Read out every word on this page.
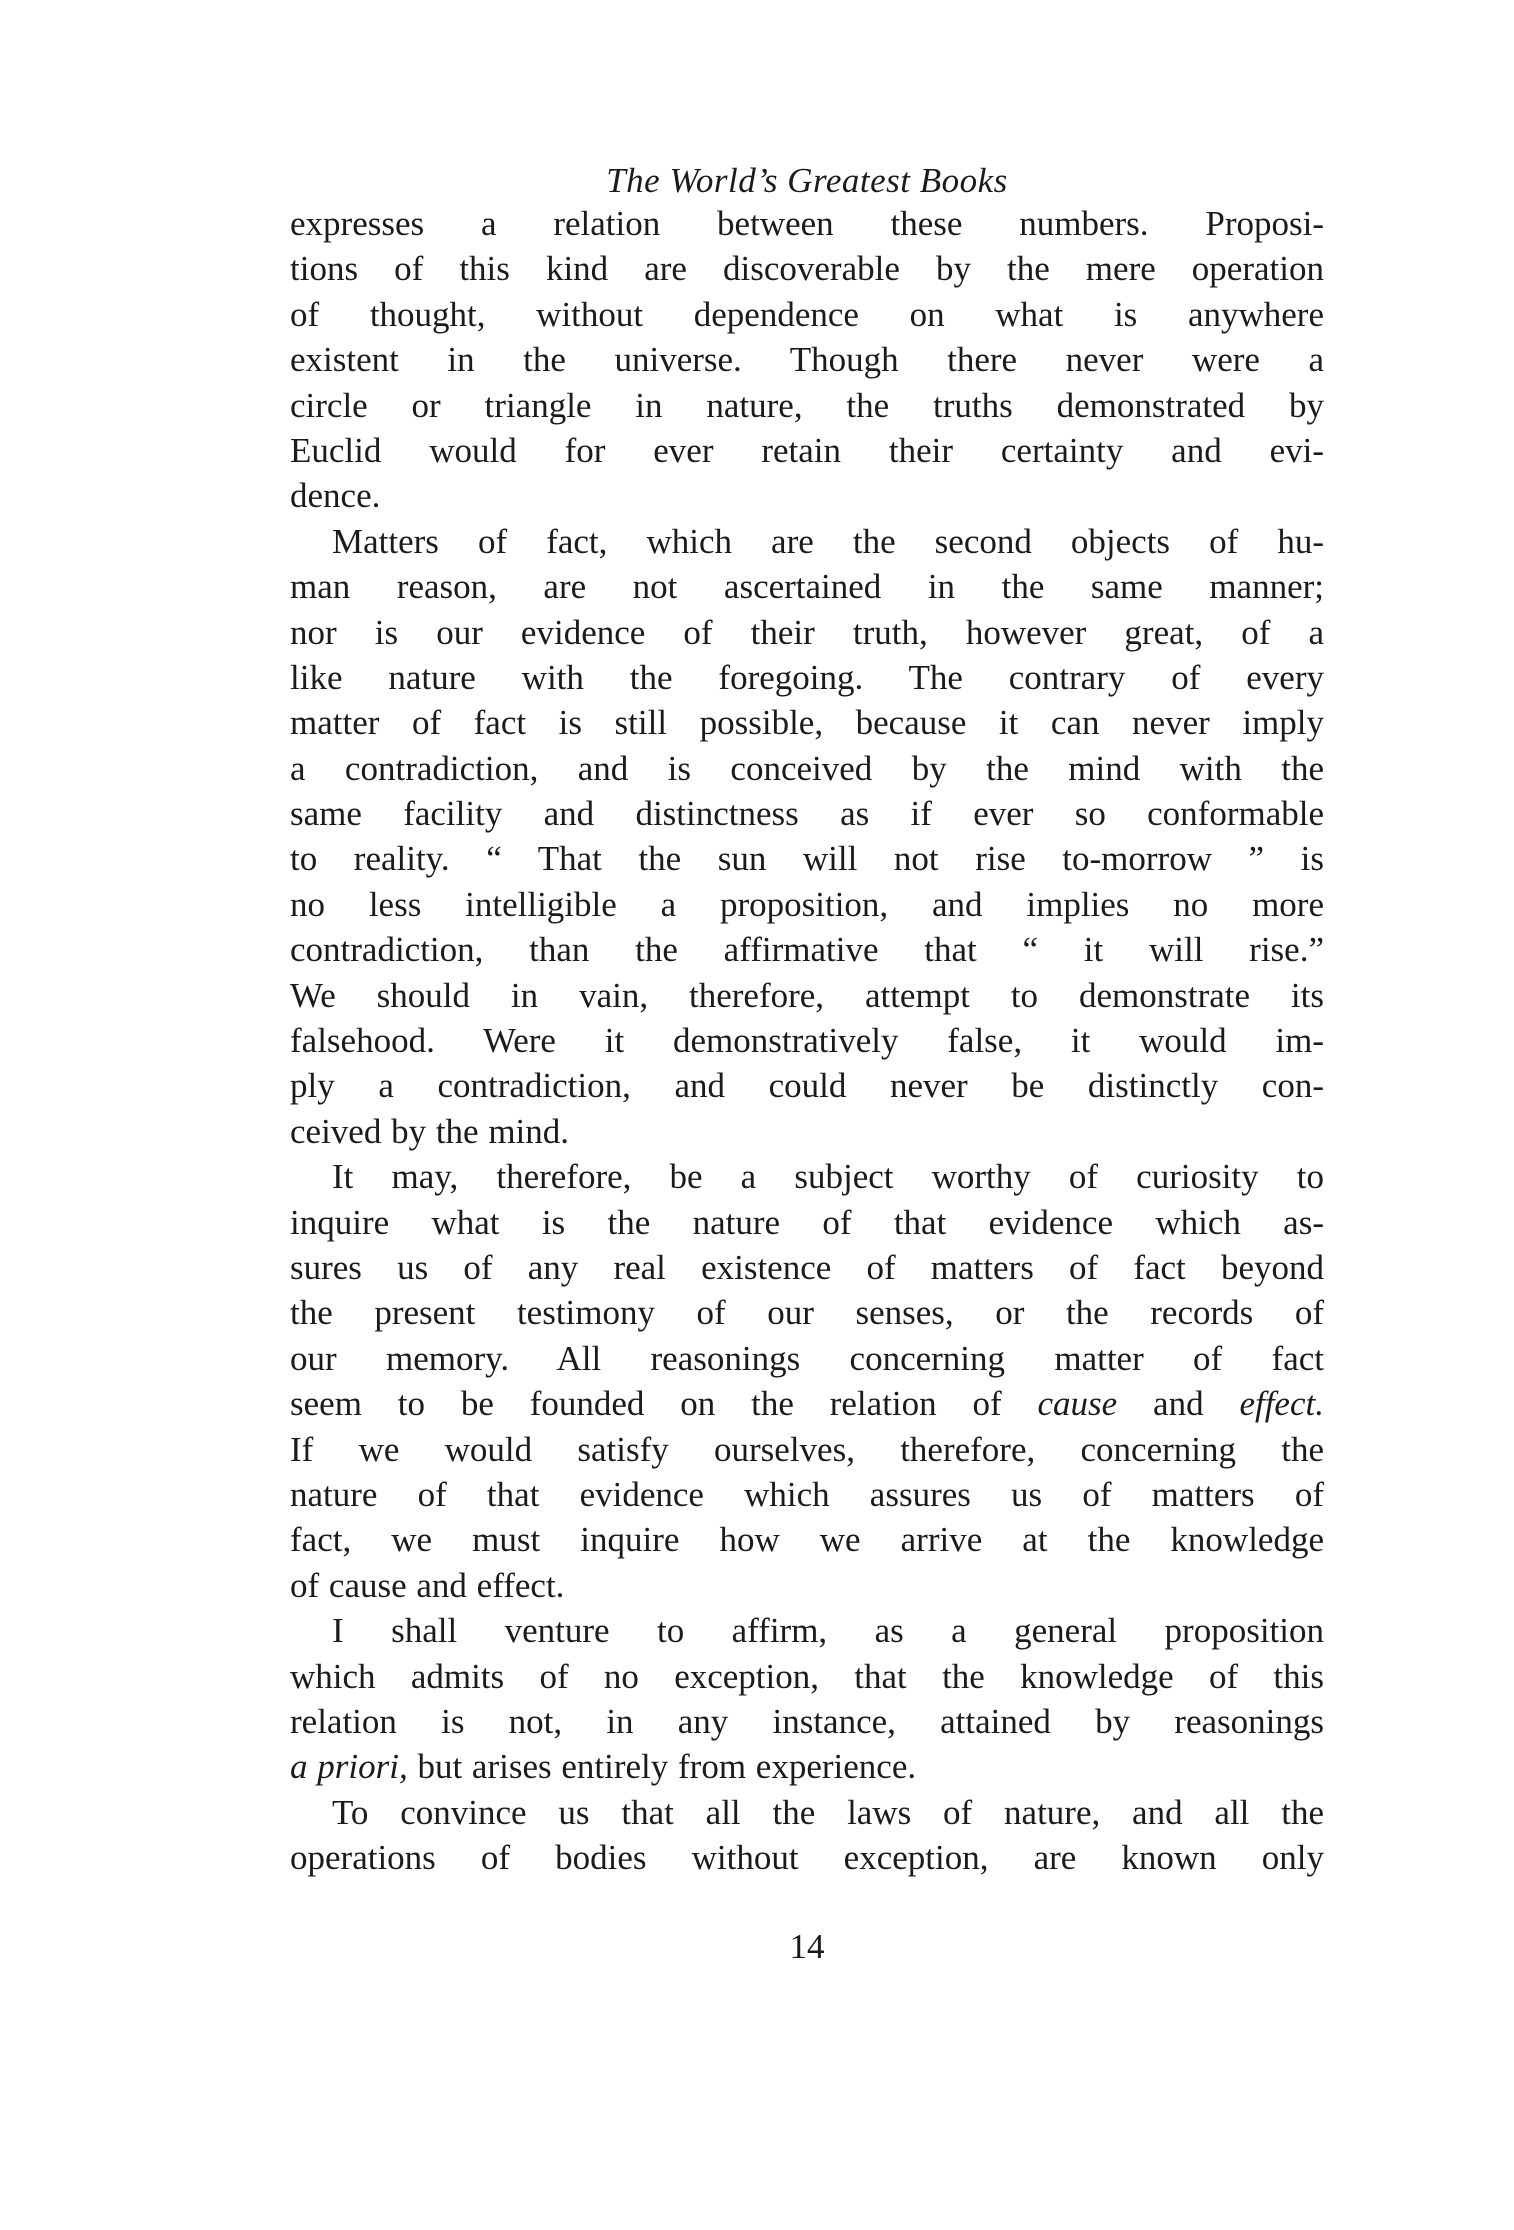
The World’s Greatest Books
expresses a relation between these numbers. Proposi-
tions of this kind are discoverable by the mere operation
of thought, without dependence on what is anywhere
existent in the universe. Though there never were a
circle or triangle in nature, the truths demonstrated by
Euclid would for ever retain their certainty and evi-
dence.
Matters of fact, which are the second objects of hu-
man reason, are not ascertained in the same manner;
nor is our evidence of their truth, however great, of a
like nature with the foregoing. The contrary of every
matter of fact is still possible, because it can never imply
a contradiction, and is conceived by the mind with the
same facility and distinctness as if ever so conformable
to reality. “ That the sun will not rise to-morrow ” is
no less intelligible a proposition, and implies no more
contradiction, than the affirmative that “ it will rise.”
We should in vain, therefore, attempt to demonstrate its
falsehood. Were it demonstratively false, it would im-
ply a contradiction, and could never be distinctly con-
ceived by the mind.
It may, therefore, be a subject worthy of curiosity to
inquire what is the nature of that evidence which as-
sures us of any real existence of matters of fact beyond
the present testimony of our senses, or the records of
our memory. All reasonings concerning matter of fact
seem to be founded on the relation of cause and effect.
If we would satisfy ourselves, therefore, concerning the
nature of that evidence which assures us of matters of
fact, we must inquire how we arrive at the knowledge
of cause and effect.
I shall venture to affirm, as a general proposition
which admits of no exception, that the knowledge of this
relation is not, in any instance, attained by reasonings
a priori, but arises entirely from experience.
To convince us that all the laws of nature, and all the
operations of bodies without exception, are known only
14
